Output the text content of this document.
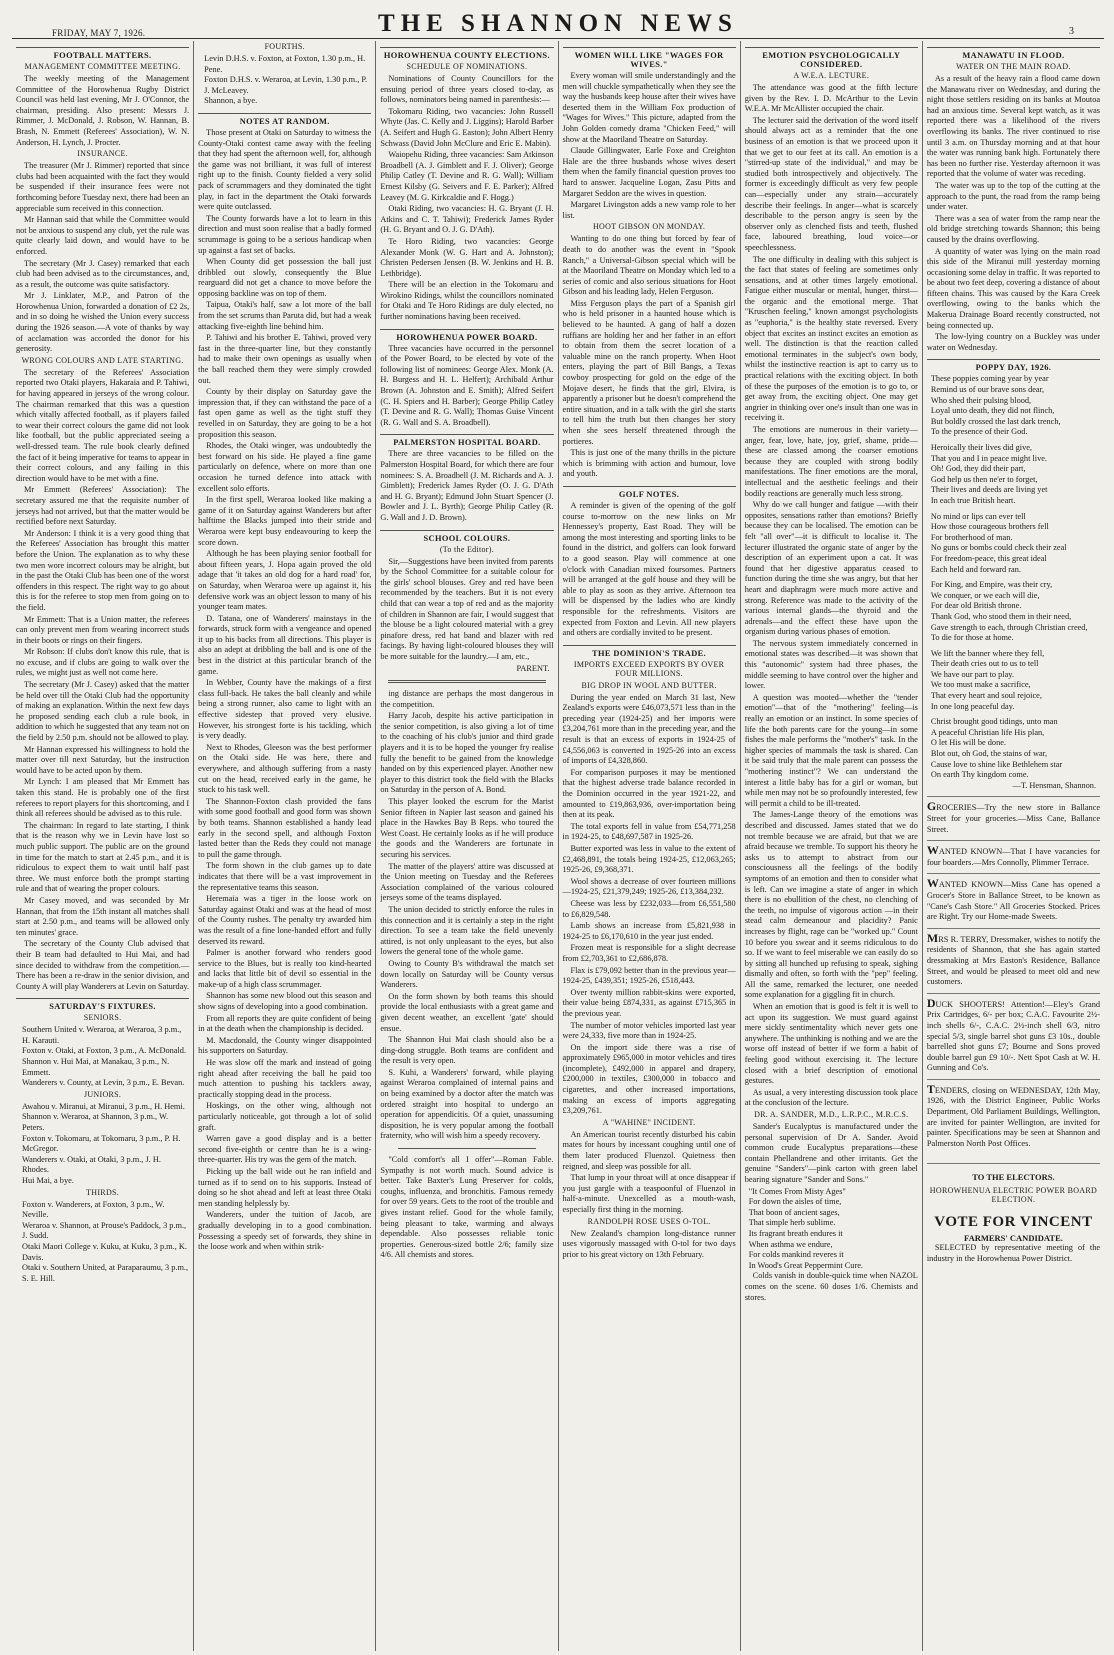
FRIDAY, MAY 7, 1926.	THE SHANNON NEWS	3
FOOTBALL MATTERS.
MANAGEMENT COMMITTEE MEETING.

The weekly meeting of the Management Committee of the Horowhenua Rugby District Council was held last evening, Mr J. O'Connor, the chairman, presiding. Also present: Messrs J. Rimmer, J. McDonald, J. Robson, W. Hannan, B. Brash, N. Emmett (Referees' Association), W. N. Anderson, H. Lynch, J. Procter.

INSURANCE.

The treasurer (Mr J. Rimmer) reported that since clubs had been acquainted with the fact they would be suspended if their insurance fees were not forthcoming before Tuesday next, there had been an appreciable sum received in this connection.

Mr Hannan said that while the Committee would not be anxious to suspend any club, yet the rule was quite clearly laid down, and would have to be enforced.

The secretary (Mr J. Casey) remarked that each club had been advised as to the circumstances, and, as a result, the outcome was quite satisfactory.

Mr J. Linklater, M.P., and Patron of the Horowhenua Union, forwarded a donation of £2 2s, and in so doing he wished the Union every success during the 1926 season.—A vote of thanks by way of acclamation was accorded the donor for his generosity.

WRONG COLOURS AND LATE STARTING.

The secretary of the Referees' Association reported two Otaki players, Hakaraia and P. Tahiwi, for having appeared in jerseys of the wrong colour. The chairman remarked that this was a question which vitally affected football, as if players failed to wear their correct colours the game did not look like football, but the public appreciated seeing a well-dressed team. The rule book clearly defined the fact of it being imperative for teams to appear in their correct colours, and any failing in this direction would have to be met with a fine.

Mr Emmett (Referees' Association): The secretary assured me that the requisite number of jerseys had not arrived, but that the matter would be rectified before next Saturday.

Mr Anderson: I think it is a very good thing that the Referees' Association has brought this matter before the Union. The explanation as to why these two men wore incorrect colours may be alright, but in the past the Otaki Club has been one of the worst offenders in this respect. The right way to go about this is for the referee to stop men from going on to the field.

Mr Emmett: That is a Union matter, the referees can only prevent men from wearing incorrect studs in their boots or rings on their fingers.

Mr Robson: If clubs don't know this rule, that is no excuse, and if clubs are going to walk over the rules, we might just as well not come here.

The secretary (Mr J. Casey) asked that the matter be held over till the Otaki Club had the opportunity of making an explanation. Within the next few days he proposed sending each club a rule book, in addition to which he suggested that any team not on the field by 2.50 p.m. should not be allowed to play.

Mr Hannan expressed his willingness to hold the matter over till next Saturday, but the instruction would have to be acted upon by them.

Mr Lynch: I am pleased that Mr Emmett has taken this stand. He is probably one of the first referees to report players for this shortcoming, and I think all referees should be advised as to this rule.

The chairman: In regard to late starting, I think that is the reason why we in Levin have lost so much public support. The public are on the ground in time for the match to start at 2.45 p.m., and it is ridiculous to expect them to wait until half past three. We must enforce both the prompt starting rule and that of wearing the proper colours.

Mr Casey moved, and was seconded by Mr Hannan, that from the 15th instant all matches shall start at 2.50 p.m., and teams will be allowed only ten minutes' grace.

The secretary of the County Club advised that their B team had defaulted to Hui Mai, and had since decided to withdraw from the competition.—There has been a re-draw in the senior division, and County A will play Wanderers at Levin on Saturday.

SATURDAY'S FIXTURES.
SENIORS.
Southern United v. Weraroa, at Weraroa, 3 p.m., H. Karauti.
Foxton v. Otaki, at Foxton, 3 p.m., A. McDonald.
Shannon v. Hui Mai, at Manakau, 3 p.m., N. Emmett.
Wanderers v. County, at Levin, 3 p.m., E. Bevan.
JUNIORS.
Awahou v. Miranui, at Miranui, 3 p.m., H. Hemi.
Shannon v. Weraroa, at Shannon, 3 p.m., W. Peters.
Foxton v. Tokomaru, at Tokomaru, 3 p.m., P. H. McGregor.
Wanderers v. Otaki, at Otaki, 3 p.m., J. H. Rhodes.
Hui Mai, a bye.
THIRDS.
Foxton v. Wanderers, at Foxton, 3 p.m., W. Neville.
Weraroa v. Shannon, at Prouse's Paddock, 3 p.m., J. Sudd.
Otaki Maori College v. Kuku, at Kuku, 3 p.m., K. Davis.
Otaki v. Southern United, at Paraparaumu, 3 p.m., S. E. Hill.
FOURTHS.
Levin D.H.S. v. Foxton, at Foxton, 1.30 p.m., H. Pene.
Foxton D.H.S. v. Weraroa, at Levin, 1.30 p.m., P. J. McLeavey.
Shannon, a bye.
NOTES AT RANDOM.

Those present at Otaki on Saturday to witness the County-Otaki contest came away with the feeling that they had spent the afternoon well, for, although the game was not brilliant, it was full of interest right up to the finish. County fielded a very solid pack of scrummagers and they dominated the tight play, in fact in the department the Otaki forwards were quite outclassed.

The County forwards have a lot to learn in this direction and must soon realise that a badly formed scrummage is going to be a serious handicap when up against a fast set of backs.

When County did get possession the ball just dribbled out slowly, consequently the Blue rearguard did not get a chance to move before the opposing backline was on top of them.

Taipua, Otaki's half, saw a lot more of the ball from the set scrums than Paruta did, but had a weak attacking five-eighth line behind him.

P. Tahiwi and his brother E. Tahiwi, proved very fast in the three-quarter line, but they constantly had to make their own openings as usually when the ball reached them they were simply crowded out.

County by their display on Saturday gave the impression that, if they can withstand the pace of a fast open game as well as the tight stuff they revelled in on Saturday, they are going to be a hot proposition this season.

Rhodes, the Otaki winger, was undoubtedly the best forward on his side. He played a fine game particularly on defence, where on more than one occasion he turned defence into attack with excellent solo efforts.

In the first spell, Weraroa looked like making a game of it on Saturday against Wanderers but after halftime the Blacks jumped into their stride and Weraroa were kept busy endeavouring to keep the score down.

Although he has been playing senior football for about fifteen years, J. Hopa again proved the old adage that 'it takes an old dog for a hard road' for, on Saturday, when Weraroa were up against it, his defensive work was an object lesson to many of his younger team mates.

D. Tatana, one of Wanderers' mainstays in the forwards, struck form with a vengeance and opened it up to his backs from all directions. This player is also an adept at dribbling the ball and is one of the best in the district at this particular branch of the game.

In Webber, County have the makings of a first class full-back. He takes the ball cleanly and while being a strong runner, also came to light with an effective sidestep that proved very elusive. However, his strongest forte is his tackling, which is very deadly.

Next to Rhodes, Gleeson was the best performer on the Otaki side. He was here, there and everywhere, and although suffering from a nasty cut on the head, received early in the game, he stuck to his task well.

The Shannon-Foxton clash provided the fans with some good football and good form was shown by both teams. Shannon established a handy lead early in the second spell, and although Foxton lasted better than the Reds they could not manage to pull the game through.

The form shown in the club games up to date indicates that there will be a vast improvement in the representative teams this season.

Heremaia was a tiger in the loose work on Saturday against Otaki and was at the head of most of the County rushes. The penalty try awarded him was the result of a fine lone-handed effort and fully deserved its reward.

Palmer is another forward who renders good service to the Blues, but is really too kind-hearted and lacks that little bit of devil so essential in the make-up of a high class scrummager.

Shannon has some new blood out this season and show signs of developing into a good combination.

From all reports they are quite confident of being in at the death when the championship is decided.

M. Macdonald, the County winger disappointed his supporters on Saturday.

He was slow off the mark and instead of going right ahead after receiving the ball he paid too much attention to pushing his tacklers away, practically stopping dead in the process.

Hoskings, on the other wing, although not particularly noticeable, got through a lot of solid graft.

Warren gave a good display and is a better second five-eighth or centre than he is a wing-three-quarter. His try was the gem of the match.

Picking up the ball wide out he ran infield and turned as if to send on to his supports. Instead of doing so he shot ahead and left at least three Otaki men standing helplessly by.

Wanderers, under the tuition of Jacob, are gradually developing in to a good combination. Possessing a speedy set of forwards, they shine in the loose work and when within strik-

HOROWHENUA COUNTY ELECTIONS.
SCHEDULE OF NOMINATIONS.

Nominations of County Councillors for the ensuing period of three years closed to-day, as follows, nominators being named in parenthesis:—

Tokomaru Riding, two vacancies: John Russell Whyte (Jas. C. Kelly and J. Liggins); Harold Barber (A. Seifert and Hugh G. Easton); John Albert Henry Schwass (David John McClure and Eric E. Mabin).

Waiopehu Riding, three vacancies: Sam Atkinson Broadbell (A. J. Gimblett and F. J. Oliver); George Philip Catley (T. Devine and R. G. Wall); William Ernest Kilsby (G. Seivers and F. E. Parker); Alfred Leavey (M. G. Kirkcaldie and F. Hogg.)

Otaki Riding, two vacancies: H. G. Bryant (J. H. Atkins and C. T. Tahiwi); Frederick James Ryder (H. G. Bryant and O. J. G. D'Ath).

Te Horo Riding, two vacancies: George Alexander Monk (W. G. Hart and A. Johnston); Christen Pedersen Jensen (B. W. Jenkins and H. B. Lethbridge).

There will be an election in the Tokomaru and Wirokino Ridings, whilst the councillors nominated for Otaki and Te Horo Ridings are duly elected, no further nominations having been received.

HOROWHENUA POWER BOARD.

Three vacancies have occurred in the personnel of the Power Board, to be elected by vote of the following list of nominees: George Alex. Monk (A. H. Burgess and H. L. Helfert); Archibald Arthur Brown (A. Johnston and E. Smith); Alfred Seifert (C. H. Spiers and H. Barber); George Philip Catley (T. Devine and R. G. Wall); Thomas Guise Vincent (R. G. Wall and S. A. Broadbell).

PALMERSTON HOSPITAL BOARD.

There are three vacancies to be filled on the Palmerston Hospital Board, for which there are four nominees: S. A. Broadbell (J. M. Richards and A. J. Gimblett); Frederick James Ryder (O. J. G. D'Ath and H. G. Bryant); Edmund John Stuart Spencer (J. Bowler and J. L. Byrth); George Philip Catley (R. G. Wall and J. D. Brown).

SCHOOL COLOURS.
(To the Editor).

Sir,—Suggestions have been invited from parents by the School Committee for a suitable colour for the girls' school blouses. Grey and red have been recommended by the teachers. But it is not every child that can wear a top of red and as the majority of children in Shannon are fair, I would suggest that the blouse be a light coloured material with a grey pinafore dress, red hat band and blazer with red facings. By having light-coloured blouses they will be more suitable for the laundry.—I am, etc.,

PARENT.

ing distance are perhaps the most dangerous in the competition.

Harry Jacob, despite his active participation in the senior competition, is also giving a lot of time to the coaching of his club's junior and third grade players and it is to be hoped the younger fry realise fully the benefit to be gained from the knowledge handed on by this experienced player. Another new player to this district took the field with the Blacks on Saturday in the person of A. Bond.

This player looked the escrum for the Marist Senior fifteen in Napier last season and gained his place in the Hawkes Bay B Reps. who toured the West Coast. He certainly looks as if he will produce the goods and the Wanderers are fortunate in securing his services.

The matter of the players' attire was discussed at the Union meeting on Tuesday and the Referees Association complained of the various coloured jerseys some of the teams displayed.

The union decided to strictly enforce the rules in this connection and it is certainly a step in the right direction. To see a team take the field unevenly attired, is not only unpleasant to the eyes, but also lowers the general tone of the whole game.

Owing to County B's withdrawal the match set down locally on Saturday will be County versus Wanderers.

On the form shown by both teams this should provide the local enthusiasts with a great game and given decent weather, an excellent 'gate' should ensue.

The Shannon Hui Mai clash should also be a ding-dong struggle. Both teams are confident and the result is very open.

S. Kuhi, a Wanderers' forward, while playing against Weraroa complained of internal pains and on being examined by a doctor after the match was ordered straight into hospital to undergo an operation for appendicitis. Of a quiet, unassuming disposition, he is very popular among the football fraternity, who will wish him a speedy recovery.

"Cold comfort's all I offer"—Roman Fable. Sympathy is not worth much. Sound advice is better. Take Baxter's Lung Preserver for colds, coughs, influenza, and bronchitis. Famous remedy for over 59 years. Gets to the root of the trouble and gives instant relief. Good for the whole family, being pleasant to take, warming and always dependable. Also possesses reliable tonic properties. Generous-sized bottle 2/6; family size 4/6. All chemists and stores.

WOMEN WILL LIKE "WAGES FOR WIVES."

Every woman will smile understandingly and the men will chuckle sympathetically when they see the way the husbands keep house after their wives have deserted them in the William Fox production of "Wages for Wives." This picture, adapted from the John Golden comedy drama "Chicken Feed," will show at the Maoriland Theatre on Saturday.

Claude Gillingwater, Earle Foxe and Creighton Hale are the three husbands whose wives desert them when the family financial question proves too hard to answer. Jacqueline Logan, Zasu Pitts and Margaret Seddon are the wives in question.

Margaret Livingston adds a new vamp role to her list.

HOOT GIBSON ON MONDAY.

Wanting to do one thing but forced by fear of death to do another was the event in "Spook Ranch," a Universal-Gibson special which will be at the Maoriland Theatre on Monday which led to a series of comic and also serious situations for Hoot Gibson and his leading lady, Helen Ferguson.

Miss Ferguson plays the part of a Spanish girl who is held prisoner in a haunted house which is believed to be haunted. A gang of half a dozen ruffians are holding her and her father in an effort to obtain from them the secret location of a valuable mine on the ranch property. When Hoot enters, playing the part of Bill Bangs, a Texas cowboy prospecting for gold on the edge of the Mojave desert, he finds that the girl, Elvira, is apparently a prisoner but he doesn't comprehend the entire situation, and in a talk with the girl she starts to tell him the truth but then changes her story when she sees herself threatened through the portieres.

This is just one of the many thrills in the picture which is brimming with action and humour, love and youth.

GOLF NOTES.

A reminder is given of the opening of the golf course to-morrow on the new links on Mr Hennessey's property, East Road. They will be among the most interesting and sporting links to be found in the district, and golfers can look forward to a good season. Play will commence at one o'clock with Canadian mixed foursomes. Partners will be arranged at the golf house and they will be able to play as soon as they arrive. Afternoon tea will be dispensed by the ladies who are kindly responsible for the refreshments. Visitors are expected from Foxton and Levin. All new players and others are cordially invited to be present.

THE DOMINION'S TRADE.
IMPORTS EXCEED EXPORTS BY OVER FOUR MILLIONS.
BIG DROP IN WOOL AND BUTTER.

During the year ended on March 31 last, New Zealand's exports were £46,073,571 less than in the preceding year (1924-25) and her imports were £3,204,761 more than in the preceding year, and the result is that an excess of exports in 1924-25 of £4,556,063 is converted in 1925-26 into an excess of imports of £4,328,860.

For comparison purposes it may be mentioned that the highest adverse trade balance recorded in the Dominion occurred in the year 1921-22, and amounted to £19,863,936, over-importation being then at its peak.

The total exports fell in value from £54,771,258 in 1924-25, to £48,697,587 in 1925-26.

Butter exported was less in value to the extent of £2,468,891, the totals being 1924-25, £12,063,265; 1925-26, £9,368,371.

Wool shows a decrease of over fourteen millions—1924-25, £21,379,249; 1925-26, £13,384,232.

Cheese was less by £232,033—from £6,551,580 to £6,829,548.

Lamb shows an increase from £5,821,938 in 1924-25 to £6,170,610 in the year just ended.

Frozen meat is responsible for a slight decrease from £2,703,361 to £2,686,878.

Flax is £79,092 better than in the previous year—1924-25, £439,351; 1925-26, £518,443.

Over twenty million rabbit-skins were exported, their value being £874,331, as against £715,365 in the previous year.

The number of motor vehicles imported last year were 24,333, five more than in 1924-25.

On the import side there was a rise of approximately £965,000 in motor vehicles and tires (incomplete), £492,000 in apparel and drapery, £200,000 in textiles, £300,000 in tobacco and cigarettes, and other increased importations, making an excess of imports aggregating £3,209,761.

A "WAHINE" INCIDENT.

An American tourist recently disturbed his cabin mates for hours by incessant coughing until one of them later produced Fluenzol. Quietness then reigned, and sleep was possible for all.

That lump in your throat will at once disappear if you just gargle with a teaspoonful of Fluenzol in half-a-minute. Unexcelled as a mouth-wash, especially first thing in the morning.

RANDOLPH ROSE USES O-TOL.

New Zealand's champion long-distance runner uses vigorously massaged with O-tol for two days prior to his great victory on 13th February.

EMOTION PSYCHOLOGICALLY CONSIDERED.
A W.E.A. LECTURE.

The attendance was good at the fifth lecture given by the Rev. I. D. McArthur to the Levin W.E.A. Mr McAllister occupied the chair.

The lecturer said the derivation of the word itself should always act as a reminder that the one business of an emotion is that we proceed upon it that we get to our feet at its call. An emotion is a "stirred-up state of the individual," and may be studied both introspectively and objectively. The former is exceedingly difficult as very few people can—especially under any strain—accurately describe their feelings. In anger—what is scarcely describable to the person angry is seen by the observer only as clenched fists and teeth, flushed face, laboured breathing, loud voice—or speechlessness.

The one difficulty in dealing with this subject is the fact that states of feeling are sometimes only sensations, and at other times largely emotional. Fatigue either muscular or mental, hunger, thirst—the organic and the emotional merge. That "Kruschen feeling," known amongst psychologists as "euphoria," is the healthy state reversed. Every object that excites an instinct excites an emotion as well. The distinction is that the reaction called emotional terminates in the subject's own body, whilst the instinctive reaction is apt to carry us to practical relations with the exciting object. In both of these the purposes of the emotion is to go to, or get away from, the exciting object. One may get angrier in thinking over one's insult than one was in receiving it.

The emotions are numerous in their variety—anger, fear, love, hate, joy, grief, shame, pride—these are classed among the coarser emotions because they are coupled with strong bodily manifestations. The finer emotions are the moral, intellectual and the aesthetic feelings and their bodily reactions are generally much less strong.

Why do we call hunger and fatigue —with their opposites, sensations rather than emotions? Briefly because they can be localised. The emotion can be felt "all over"—it is difficult to localise it. The lecturer illustrated the organic state of anger by the description of an experiment upon a cat. It was found that her digestive apparatus ceased to function during the time she was angry, but that her heart and diaphragm were much more active and strong. Reference was made to the activity of the various internal glands—the thyroid and the adrenals—and the effect these have upon the organism during various phases of emotion.

The nervous system immediately concerned in emotional states was described—it was shown that this "autonomic" system had three phases, the middle seeming to have control over the higher and lower.

A question was mooted—whether the "tender emotion"—that of the "mothering" feeling—is really an emotion or an instinct. In some species of life the both parents care for the young—in some fishes the male performs the "mother's" task. In the higher species of mammals the task is shared. Can it be said truly that the male parent can possess the "mothering instinct"? We can understand the interest a little baby has for a girl or woman, but while men may not be so profoundly interested, few will permit a child to be ill-treated.

The James-Lange theory of the emotions was described and discussed. James stated that we do not tremble because we are afraid, but that we are afraid because we tremble. To support his theory he asks us to attempt to abstract from our consciousness all the feelings of the bodily symptoms of an emotion and then to consider what is left. Can we imagine a state of anger in which there is no ebullition of the chest, no clenching of the teeth, no impulse of vigorous action —in their stead calm demeanour and placidity? Panic increases by flight, rage can be "worked up." Count 10 before you swear and it seems ridiculous to do so. If we want to feel miserable we can easily do so by sitting all hunched up refusing to speak, sighing dismally and often, so forth with the "pep" feeling. All the same, remarked the lecturer, one needed some explanation for a giggling fit in church.

When an emotion that is good is felt it is well to act upon its suggestion. We must guard against mere sickly sentimentality which never gets one anywhere. The unthinking is nothing and we are the worse off instead of better if we form a habit of feeling good without exercising it. The lecture closed with a brief description of emotional gestures.

As usual, a very interesting discussion took place at the conclusion of the lecture.

DR. A. SANDER, M.D., L.R.P.C., M.R.C.S.

Sander's Eucalyptus is manufactured under the personal supervision of Dr A. Sander. Avoid common crude Eucalyptus preparations—these contain Phellandrene and other irritants. Get the genuine "Sanders"—pink carton with green label bearing signature "Sander and Sons."

"It Comes From Misty Ages"
For down the aisles of time,
That boon of ancient sages,
That simple herb sublime.
Its fragrant breath endures it
When asthma we endure,
For colds mankind reveres it
In Wood's Great Peppermint Cure.

Colds vanish in double-quick time when NAZOL comes on the scene. 60 doses 1/6. Chemists and stores.

MANAWATU IN FLOOD.
WATER ON THE MAIN ROAD.

As a result of the heavy rain a flood came down the Manawatu river on Wednesday, and during the night those settlers residing on its banks at Moutoa had an anxious time. Several kept watch, as it was reported there was a likelihood of the rivers overflowing its banks. The river continued to rise until 3 a.m. on Thursday morning and at that hour the water was running bank high. Fortunately there has been no further rise. Yesterday afternoon it was reported that the volume of water was receding.

The water was up to the top of the cutting at the approach to the punt, the road from the ramp being under water.

There was a sea of water from the ramp near the old bridge stretching towards Shannon; this being caused by the drains overflowing.

A quantity of water was lying on the main road this side of the Miranui mill yesterday morning occasioning some delay in traffic. It was reported to be about two feet deep, covering a distance of about fifteen chains. This was caused by the Kara Creek overflowing, owing to the banks which the Makerua Drainage Board recently constructed, not being connected up.

The low-lying country on a Buckley was under water on Wednesday.

POPPY DAY, 1926.
These poppies coming year by year
Remind us of our brave sons dear,
Who shed their pulsing blood,
Loyal unto death, they did not flinch,
But boldly crossed the last dark trench,
To the presence of their God.
Heroically their lives did give,
That you and I in peace might live.
Oh! God, they did their part,
God help us then ne'er to forget,
Their lives and deeds are living yet
In each true British heart.
No mind or lips can ever tell
How those courageous brothers fell
For brotherhood of man.
No guns or bombs could check their zeal
For freedom-peace, this great ideal
Each held and forward ran.
For King, and Empire, was their cry,
We conquer, or we each will die,
For dear old British throne.
Thank God, who stood them in their need,
Gave strength to each, through Christian creed,
To die for those at home.
We lift the banner where they fell,
Their death cries out to us to tell
We have our part to play.
We too must make a sacrifice,
That every heart and soul rejoice,
In one long peaceful day.
Christ brought good tidings, unto man
A peaceful Christian life His plan,
O let His will be done.
Blot out, oh God, the stains of war,
Cause love to shine like Bethlehem star
On earth Thy kingdom come.
—T. Hensman, Shannon.

GROCERIES—Try the new store in Ballance Street for your groceries.—Miss Cane, Ballance Street.

WANTED KNOWN—That I have vacancies for four boarders.—Mrs Connolly, Plimmer Terrace.

WANTED KNOWN—Miss Cane has opened a Grocer's Store in Ballance Street, to be known as "Cane's Cash Store." All Groceries Stocked. Prices are Right. Try our Home-made Sweets.

MRS R. TERRY, Dressmaker, wishes to notify the residents of Shannon, that she has again started dressmaking at Mrs Easton's Residence, Ballance Street, and would be pleased to meet old and new customers.

DUCK SHOOTERS! Attention!—Eley's Grand Prix Cartridges, 6/- per box; C.A.C. Favourite 2½-inch shells 6/-, C.A.C. 2½-inch shell 6/3, nitro special 5/3, single barrel shot guns £3 10s., double barrelled shot guns £7; Bourne and Sons proved double barrel gun £9 10/-. Nett Spot Cash at W. H. Gunning and Co's.

TENDERS, closing on WEDNESDAY, 12th May, 1926, with the District Engineer, Public Works Department, Old Parliament Buildings, Wellington, are invited for painter Wellington, are invited for painter. Specifications may be seen at Shannon and Palmerston North Post Offices.

TO THE ELECTORS.
HOROWHENUA ELECTRIC POWER BOARD ELECTION.
VOTE FOR VINCENT
FARMERS' CANDIDATE.

SELECTED by representative meeting of the industry in the Horowhenua Power District.
